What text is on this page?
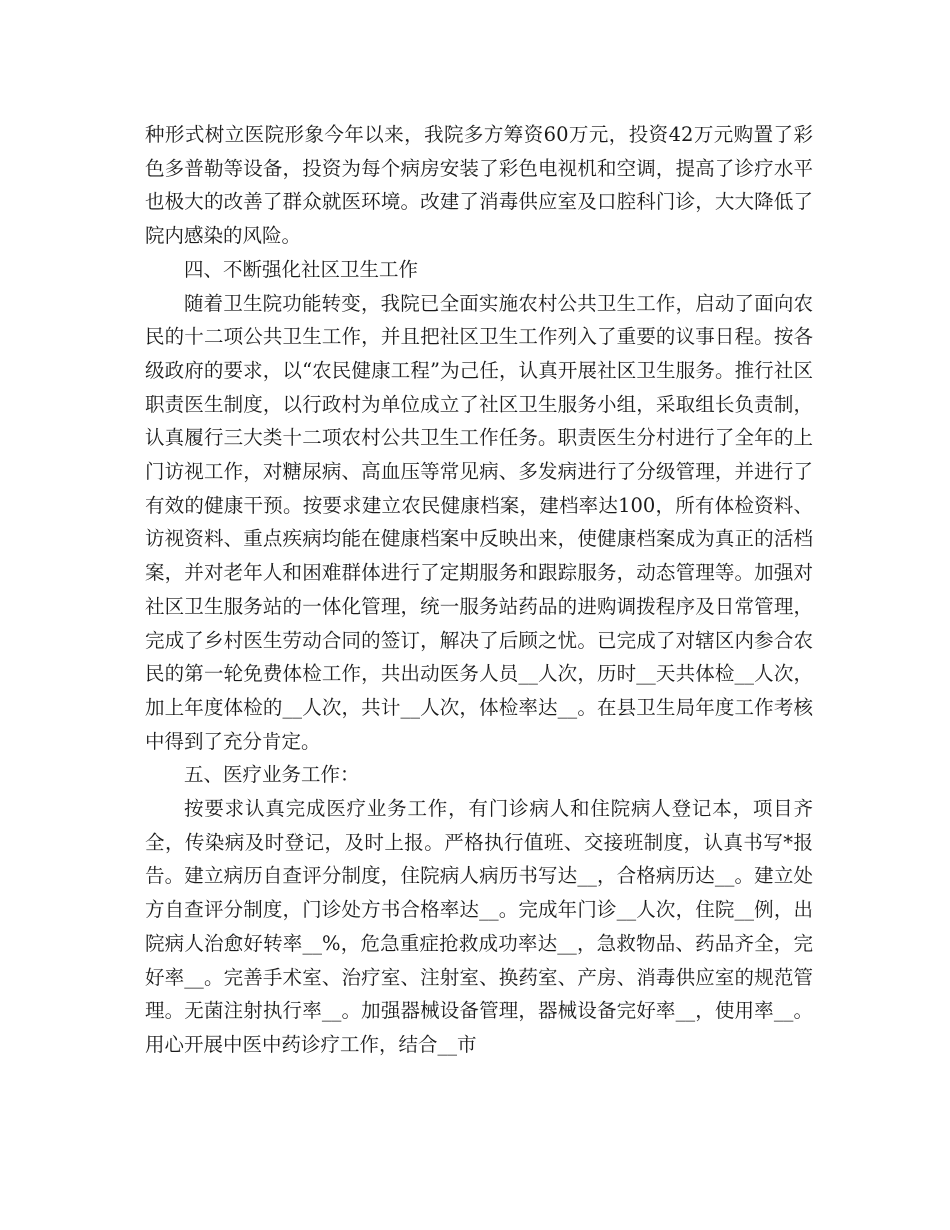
种形式树立医院形象今年以来，我院多方筹资60万元，投资42万元购置了彩色多普勒等设备，投资为每个病房安装了彩色电视机和空调，提高了诊疗水平也极大的改善了群众就医环境。改建了消毒供应室及口腔科门诊，大大降低了院内感染的风险。

四、不断强化社区卫生工作

随着卫生院功能转变，我院已全面实施农村公共卫生工作，启动了面向农民的十二项公共卫生工作，并且把社区卫生工作列入了重要的议事日程。按各级政府的要求，以“农民健康工程”为己任，认真开展社区卫生服务。推行社区职责医生制度，以行政村为单位成立了社区卫生服务小组，采取组长负责制，认真履行三大类十二项农村公共卫生工作任务。职责医生分村进行了全年的上门访视工作，对糖尿病、高血压等常见病、多发病进行了分级管理，并进行了有效的健康干预。按要求建立农民健康档案，建档率达100，所有体检资料、访视资料、重点疾病均能在健康档案中反映出来，使健康档案成为真正的活档案，并对老年人和困难群体进行了定期服务和跟踪服务，动态管理等。加强对社区卫生服务站的一体化管理，统一服务站药品的进购调拨程序及日常管理，完成了乡村医生劳动合同的签订，解决了后顾之忧。已完成了对辖区内参合农民的第一轮免费体检工作，共出动医务人员__人次，历时__天共体检__人次，加上年度体检的__人次，共计__人次，体检率达__。在县卫生局年度工作考核中得到了充分肯定。

五、医疗业务工作：

按要求认真完成医疗业务工作，有门诊病人和住院病人登记本，项目齐全，传染病及时登记，及时上报。严格执行值班、交接班制度，认真书写*报告。建立病历自查评分制度，住院病人病历书写达__，合格病历达__。建立处方自查评分制度，门诊处方书合格率达__。完成年门诊__人次，住院__例，出院病人治愈好转率__%，危急重症抢救成功率达__，急救物品、药品齐全，完好率__。完善手术室、治疗室、注射室、换药室、产房、消毒供应室的规范管理。无菌注射执行率__。加强器械设备管理，器械设备完好率__，使用率__。用心开展中医中药诊疗工作，结合__市
